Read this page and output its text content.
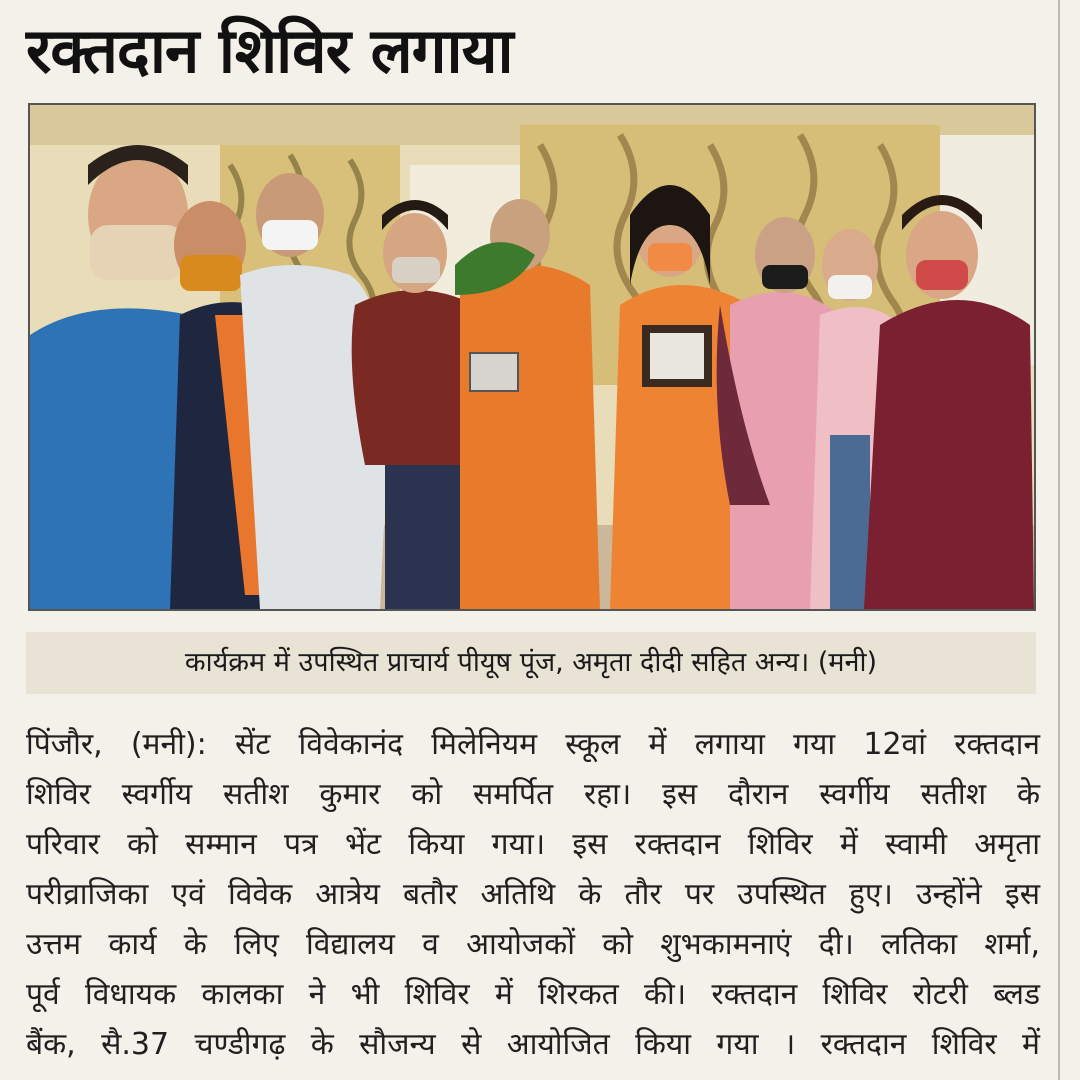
रक्तदान शिविर लगाया
कार्यक्रम में उपस्थित प्राचार्य पीयूष पूंज, अमृता दीदी सहित अन्य। (मनी)
पिंजौर, (मनी): सेंट विवेकानंद मिलेनियम स्कूल में लगाया गया 12वां रक्तदान
शिविर स्वर्गीय सतीश कुमार को समर्पित रहा। इस दौरान स्वर्गीय सतीश के
परिवार को सम्मान पत्र भेंट किया गया। इस रक्तदान शिविर में स्वामी अमृता
परीव्राजिका एवं विवेक आत्रेय बतौर अतिथि के तौर पर उपस्थित हुए। उन्होंने इस
उत्तम कार्य के लिए विद्यालय व आयोजकों को शुभकामनाएं दी। लतिका शर्मा,
पूर्व विधायक कालका ने भी शिविर में शिरकत की। रक्तदान शिविर रोटरी ब्लड
बैंक, सै.37 चण्डीगढ़ के सौजन्य से आयोजित किया गया । रक्तदान शिविर में
